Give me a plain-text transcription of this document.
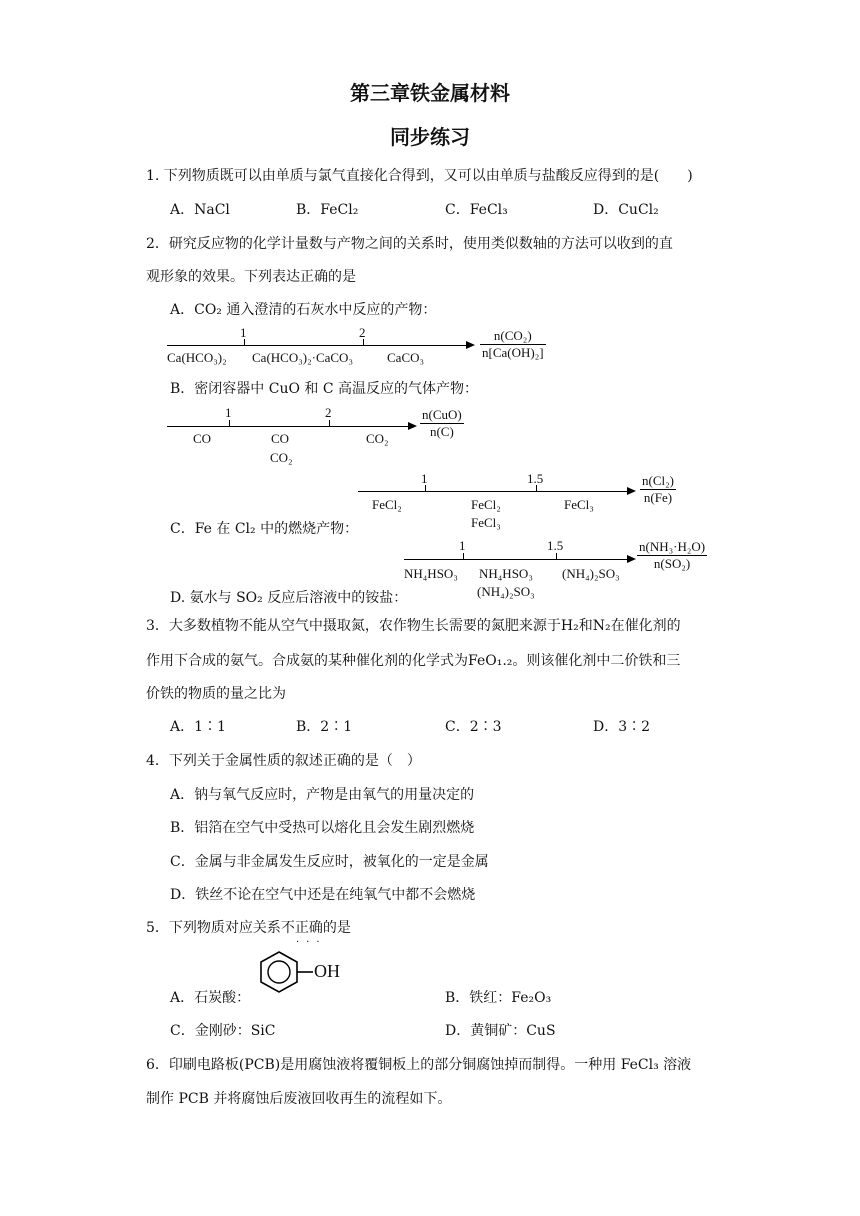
第三章铁金属材料
同步练习
1. 下列物质既可以由单质与氯气直接化合得到，又可以由单质与盐酸反应得到的是(　　)
A．NaCl	B．FeCl₂	C．FeCl₃	D．CuCl₂
2．研究反应物的化学计量数与产物之间的关系时，使用类似数轴的方法可以收到的直
观形象的效果。下列表达正确的是
A．CO₂ 通入澄清的石灰水中反应的产物：
1	2
Ca(HCO₃)₂ Ca(HCO₃)₂·CaCO₃	CaCO₃	$\frac{\text{n(CO₂)}}{\text{n[Ca(OH)₂]}}$
B．密闭容器中 CuO 和 C 高温反应的气体产物：
1	2
CO	CO
CO₂
CO₂
n(CuO)
n(C)
1	1.5
FeCl₂	FeCl₂
FeCl₃
FeCl₃	$\frac{\text{n(Cl₂)}}{n(Fe)}$
C．Fe 在 Cl₂ 中的燃烧产物：
1	1.5
NH₄HSO₃ NH₄HSO₃
(NH₄)₂SO₃
(NH₄)₂SO₃
$\frac{\text{n(NH₃·H₂O)}}{\text{n(SO₂)}}$
D. 氨水与 SO₂ 反应后溶液中的铵盐：
3．大多数植物不能从空气中摄取氮，农作物生长需要的氮肥来源于H₂和N₂在催化剂的
作用下合成的氨气。合成氨的某种催化剂的化学式为FeO₁.₂。则该催化剂中二价铁和三
价铁的物质的量之比为
A．1∶1	B．2∶1	C．2∶3	D．3∶2
4．下列关于金属性质的叙述正确的是（　）
A．钠与氧气反应时，产物是由氧气的用量决定的
B．铝箔在空气中受热可以熔化且会发生剧烈燃烧
C．金属与非金属发生反应时，被氧化的一定是金属
D．铁丝不论在空气中还是在纯氧气中都不会燃烧
5．下列物质对应关系不正确的是
···
A．石炭酸：
OH
B．铁红：Fe₂O₃
C．金刚砂：SiC	D．黄铜矿：CuS
6．印刷电路板(PCB)是用腐蚀液将覆铜板上的部分铜腐蚀掉而制得。一种用 FeCl₃ 溶液
制作 PCB 并将腐蚀后废液回收再生的流程如下。
